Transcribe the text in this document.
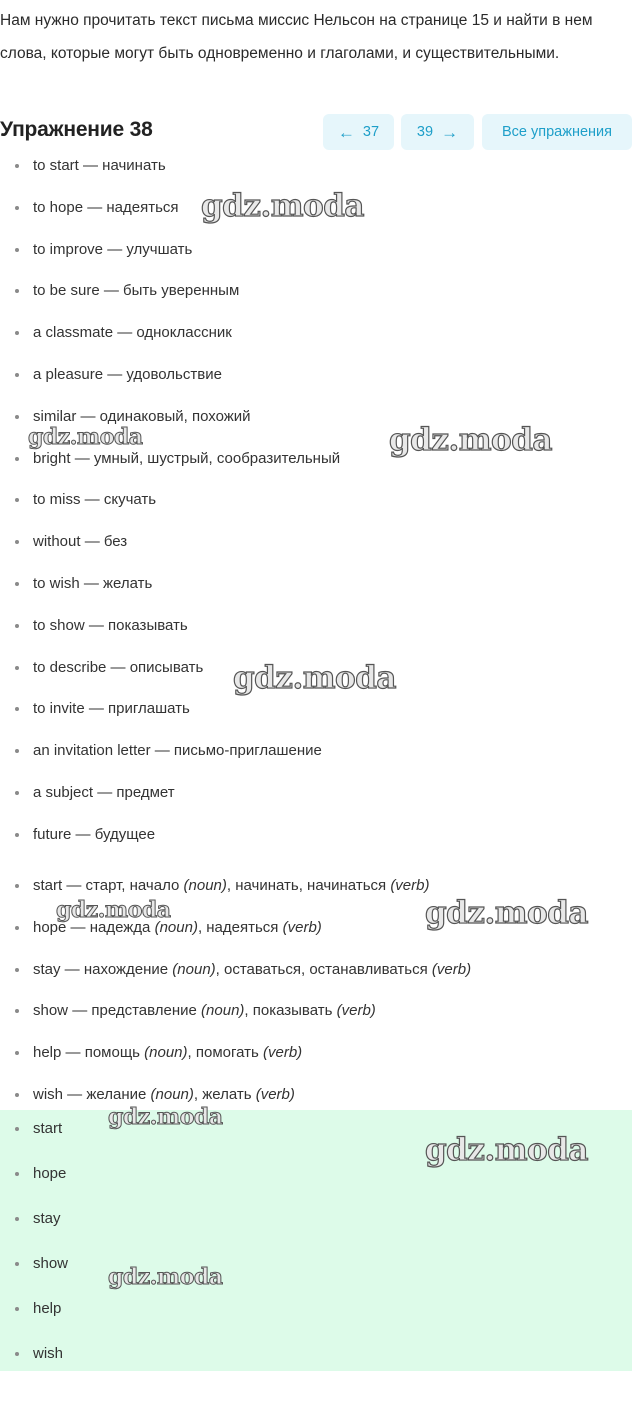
Нам нужно прочитать текст письма миссис Нельсон на странице 15 и найти в нем слова, которые могут быть одновременно и глаголами, и существительными.

Упражнение 38	← 37	39 →	Все упражнения
to start — начинать
to hope — надеяться
to improve — улучшать
to be sure — быть уверенным
a classmate — одноклассник
a pleasure — удовольствие
similar — одинаковый, похожий
bright — умный, шустрый, сообразительный
to miss — скучать
without — без
to wish — желать
to show — показывать
to describe — описывать
to invite — приглашать
an invitation letter — письмо-приглашение
a subject — предмет
future — будущее
start — старт, начало (noun), начинать, начинаться (verb)
hope — надежда (noun), надеяться (verb)
stay — нахождение (noun), оставаться, останавливаться (verb)
show — представление (noun), показывать (verb)
help — помощь (noun), помогать (verb)
wish — желание (noun), желать (verb)
start
hope
stay
show
help
wish
gdz.moda
gdz.moda	gdz.moda
gdz.moda
gdz.moda	gdz.moda
gdz.moda
gdz.moda
gdz.moda
